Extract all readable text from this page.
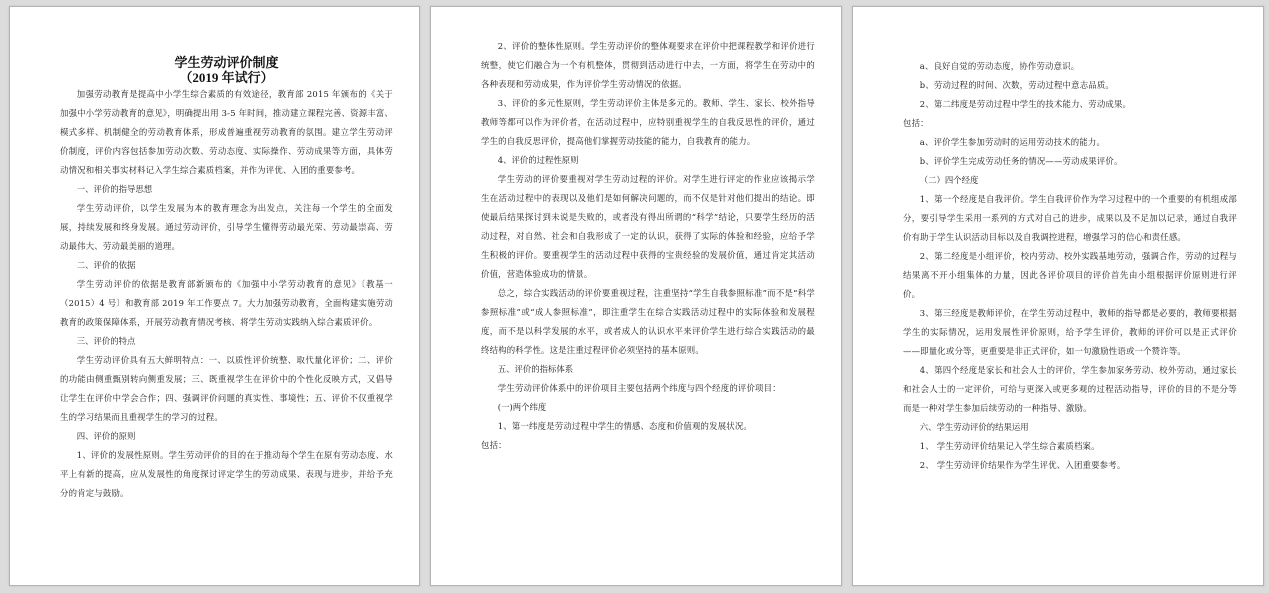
学生劳动评价制度
（2019 年试行）

加强劳动教育是提高中小学生综合素质的有效途径，教育部 2015 年颁布的《关于加强中小学劳动教育的意见》，明确提出用 3-5 年时间，推动建立课程完善、资源丰富、模式多样、机制健全的劳动教育体系，形成普遍重视劳动教育的氛围。建立学生劳动评价制度，评价内容包括参加劳动次数、劳动态度、实际操作、劳动成果等方面，具体劳动情况和相关事实材料记入学生综合素质档案，并作为评优、入团的重要参考。

一、评价的指导思想

学生劳动评价，以学生发展为本的教育理念为出发点，关注每一个学生的全面发展，持续发展和终身发展。通过劳动评价，引导学生懂得劳动最光荣、劳动最崇高、劳动最伟大、劳动最美丽的道理。

二、评价的依据

学生劳动评价的依据是教育部新颁布的《加强中小学劳动教育的意见》〔教基一（2015）4 号〕和教育部 2019 年工作要点 7。大力加强劳动教育，全面构建实施劳动教育的政策保障体系，开展劳动教育情况考核、将学生劳动实践纳入综合素质评价。

三、评价的特点

学生劳动评价具有五大鲜明特点：一、以质性评价统整、取代量化评价；二、评价的功能由侧重甄别转向侧重发展；三、既重视学生在评价中的个性化反映方式，又倡导让学生在评价中学会合作；四、强调评价问题的真实性、事境性；五、评价不仅重视学生的学习结果而且重视学生的学习的过程。

四、评价的原则

1、评价的发展性原则。学生劳动评价的目的在于推动每个学生在原有劳动态度、水平上有新的提高，应从发展性的角度探讨评定学生的劳动成果、表现与进步，并给予充分的肯定与鼓励。

2、评价的整体性原则。学生劳动评价的整体观要求在评价中把课程教学和评价进行统整，使它们融合为一个有机整体，贯彻到活动进行中去，一方面，将学生在劳动中的各种表现和劳动成果，作为评价学生劳动情况的依据。

3、评价的多元性原则，学生劳动评价主体是多元的。教师、学生、家长、校外指导教师等都可以作为评价者，在活动过程中，应特别重视学生的自我反思性的评价，通过学生的自我反思评价，提高他们掌握劳动技能的能力，自我教育的能力。

4、评价的过程性原则

学生劳动的评价要重视对学生劳动过程的评价。对学生进行评定的作业应该揭示学生在活动过程中的表现以及他们是如何解决问题的，而不仅是针对他们提出的结论。即使最后结果探讨到未说是失败的，或者没有得出所谓的“科学”结论，只要学生经历的活动过程，对自然、社会和自我形成了一定的认识，获得了实际的体验和经验，应给予学生积极的评价。要重视学生的活动过程中获得的宝贵经验的发展价值，通过肯定其活动价值，营造体验成功的情景。

总之，综合实践活动的评价要重视过程，注重坚持“学生自我参照标准”而不是“科学参照标准”或“成人参照标准”，即注重学生在综合实践活动过程中的实际体验和发展程度，而不是以科学发展的水平，或者成人的认识水平来评价学生进行综合实践活动的最终结构的科学性。这是注重过程评价必须坚持的基本原则。

五、评价的指标体系

学生劳动评价体系中的评价项目主要包括两个纬度与四个经度的评价项目：

(一)两个纬度

1、第一纬度是劳动过程中学生的情感、态度和价值观的发展状况。

包括：

a、良好自觉的劳动态度，协作劳动意识。

b、劳动过程的时间、次数，劳动过程中意志品质。

2、第二纬度是劳动过程中学生的技术能力、劳动成果。

包括：

a、评价学生参加劳动时的运用劳动技术的能力。

b、评价学生完成劳动任务的情况——劳动成果评价。

（二）四个经度

1、第一个经度是自我评价。学生自我评价作为学习过程中的一个重要的有机组成部分，要引导学生采用一系列的方式对自己的进步，成果以及不足加以记录，通过自我评价有助于学生认识活动目标以及自我调控进程，增强学习的信心和责任感。

2、第二经度是小组评价，校内劳动、校外实践基地劳动，强调合作，劳动的过程与结果离不开小组集体的力量，因此各评价项目的评价首先由小组根据评价原则进行评价。

3、第三经度是教师评价，在学生劳动过程中，教师的指导都是必要的，教师要根据学生的实际情况，运用发展性评价原则，给予学生评价，教师的评价可以是正式评价——即量化或分等，更重要是非正式评价，如一句激励性语或一个赞许等。

4、第四个经度是家长和社会人士的评价，学生参加家务劳动、校外劳动，通过家长和社会人士的一定评价，可给与更深入或更多观的过程活动指导，评价的目的不是分等而是一种对学生参加后续劳动的一种指导、激励。

六、学生劳动评价的结果运用

1、 学生劳动评价结果记入学生综合素质档案。

2、 学生劳动评价结果作为学生评优、入团重要参考。
